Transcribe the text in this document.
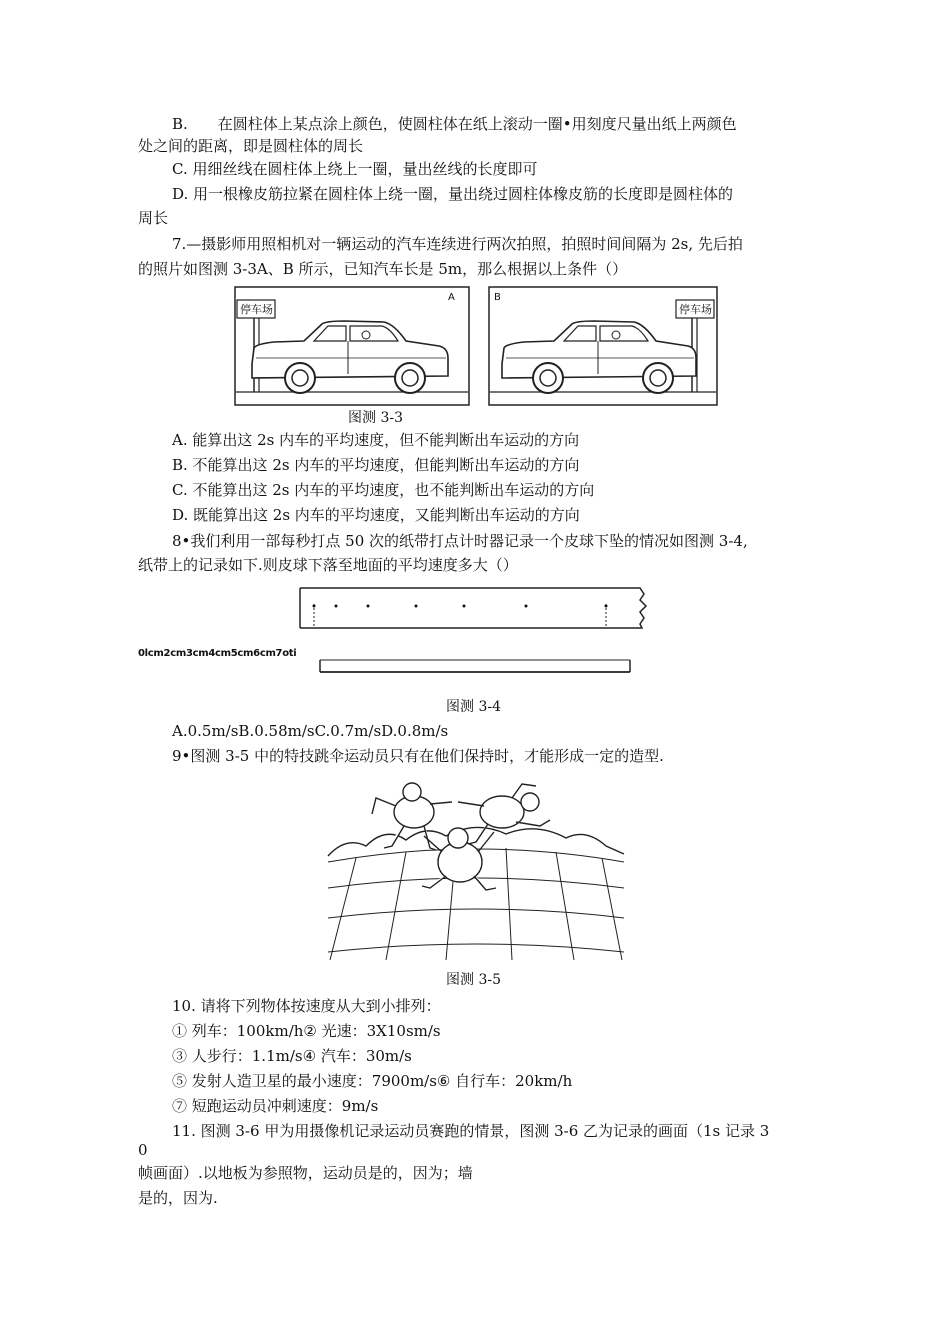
B.　　在圆柱体上某点涂上颜色，使圆柱体在纸上滚动一圈•用刻度尺量出纸上两颜色
处之间的距离，即是圆柱体的周长
C. 用细丝线在圆柱体上绕上一圈，量出丝线的长度即可
D. 用一根橡皮筋拉紧在圆柱体上绕一圈，量出绕过圆柱体橡皮筋的长度即是圆柱体的
周长
7.—摄影师用照相机对一辆运动的汽车连续进行两次拍照，拍照时间间隔为 2s, 先后拍
的照片如图测 3-3A、B 所示，已知汽车长是 5m，那么根据以上条件（）
A
停车场
B
停车场
图测 3-3
A. 能算出这 2s 内车的平均速度，但不能判断出车运动的方向
B. 不能算出这 2s 内车的平均速度，但能判断出车运动的方向
C. 不能算出这 2s 内车的平均速度，也不能判断出车运动的方向
D. 既能算出这 2s 内车的平均速度，又能判断出车运动的方向
8•我们利用一部每秒打点 50 次的纸带打点计时器记录一个皮球下坠的情况如图测 3-4,
纸带上的记录如下.则皮球下落至地面的平均速度多大（）
0lcm2cm3cm4cm5cm6cm7oti
图测 3-4
A.0.5m/sB.0.58m/sC.0.7m/sD.0.8m/s
9•图测 3-5 中的特技跳伞运动员只有在他们保持时，才能形成一定的造型.
图测 3-5
10. 请将下列物体按速度从大到小排列：
① 列车：100km/h② 光速：3X10sm/s
③ 人步行：1.1m/s④ 汽车：30m/s
⑤ 发射人造卫星的最小速度：7900m/s⑥ 自行车：20km/h
⑦ 短跑运动员冲刺速度：9m/s
11. 图测 3-6 甲为用摄像机记录运动员赛跑的情景，图测 3-6 乙为记录的画面（1s 记录 3
0
帧画面）.以地板为参照物，运动员是的，因为；墙
是的，因为.
